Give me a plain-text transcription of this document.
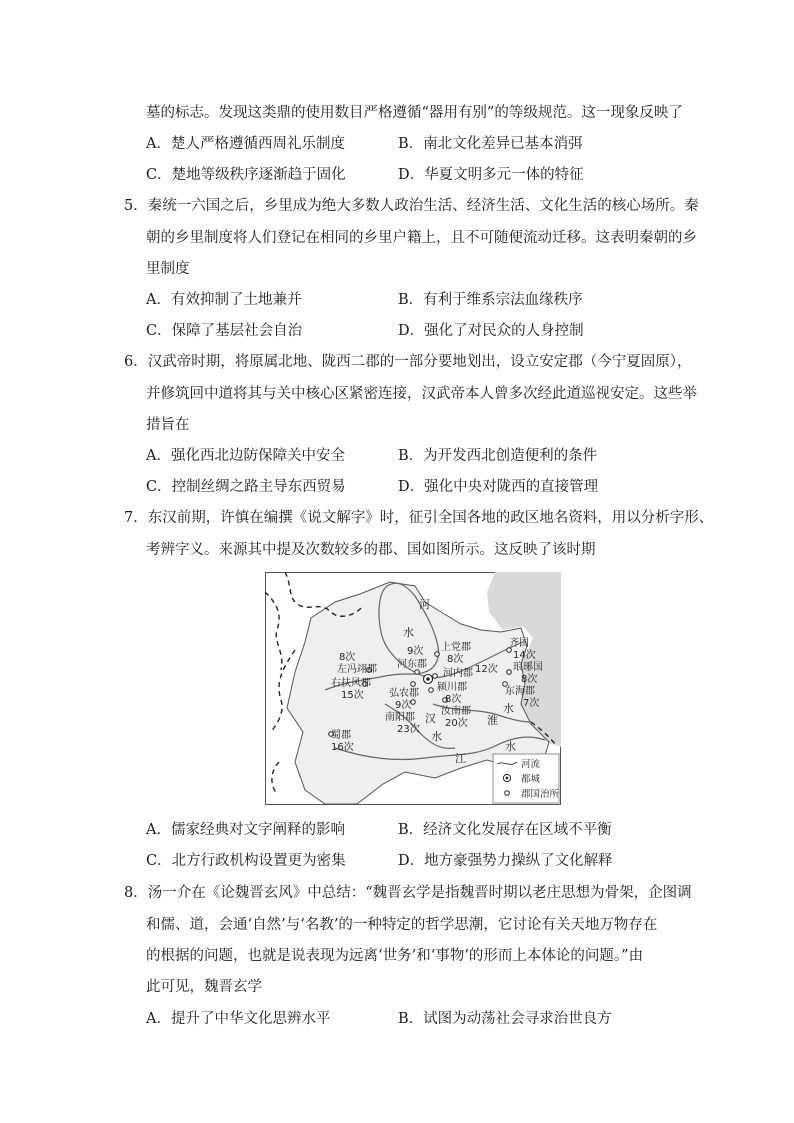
墓的标志。发现这类鼎的使用数目严格遵循“器用有别”的等级规范。这一现象反映了
A．楚人严格遵循西周礼乐制度	B．南北文化差异已基本消弭
C．楚地等级秩序逐渐趋于固化	D．华夏文明多元一体的特征
5．秦统一六国之后，乡里成为绝大多数人政治生活、经济生活、文化生活的核心场所。秦
朝的乡里制度将人们登记在相同的乡里户籍上，且不可随便流动迁移。这表明秦朝的乡
里制度
A．有效抑制了土地兼并	B．有利于维系宗法血缘秩序
C．保障了基层社会自治	D．强化了对民众的人身控制
6．汉武帝时期，将原属北地、陇西二郡的一部分要地划出，设立安定郡（今宁夏固原），
并修筑回中道将其与关中核心区紧密连接，汉武帝本人曾多次经此道巡视安定。这些举
措旨在
A．强化西北边防保障关中安全	B．为开发西北创造便利的条件
C．控制丝绸之路主导东西贸易	D．强化中央对陇西的直接管理
7．东汉前期，许慎在编撰《说文解字》时，征引全国各地的政区地名资料，用以分析字形、
考辨字义。来源其中提及次数较多的郡、国如图所示。这反映了该时期
河
水
汉
水
淮
水
江
水
上党郡
8次
9次
河东郡
8次
左冯翊郡
右扶风郡
15次	弘农郡
9次
河内郡 12次
颍川郡
8次
南阳郡
23次
汝南郡
20次
齐国
14次
琅琊国
8次
东海郡
7次
蜀郡
16次
河流
都城
郡国治所
A．儒家经典对文字阐释的影响	B．经济文化发展存在区域不平衡
C．北方行政机构设置更为密集	D．地方豪强势力操纵了文化解释
8．汤一介在《论魏晋玄风》中总结：“魏晋玄学是指魏晋时期以老庄思想为骨架，企图调
和儒、道，会通‘自然’与‘名教’的一种特定的哲学思潮，它讨论有关天地万物存在
的根据的问题，也就是说表现为远离‘世务’和‘事物’的形而上本体论的问题。”由
此可见，魏晋玄学
A．提升了中华文化思辨水平	B．试图为动荡社会寻求治世良方
